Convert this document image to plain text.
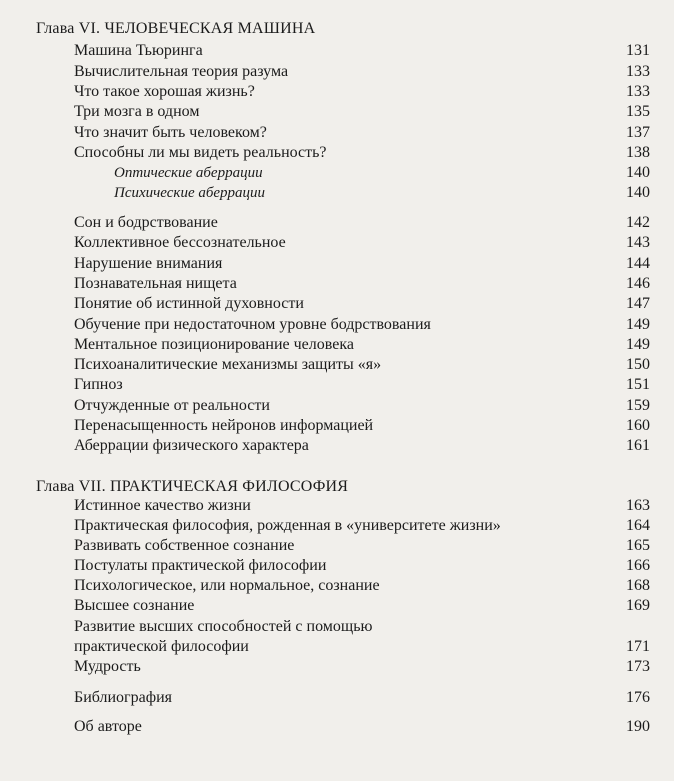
Глава VI. ЧЕЛОВЕЧЕСКАЯ МАШИНА
Машина Тьюринга	131
Вычислительная теория разума	133
Что такое хорошая жизнь?	133
Три мозга в одном	135
Что значит быть человеком?	137
Способны ли мы видеть реальность?	138
Оптические аберрации	140
Психические аберрации	140
Сон и бодрствование	142
Коллективное бессознательное	143
Нарушение внимания	144
Познавательная нищета	146
Понятие об истинной духовности	147
Обучение при недостаточном уровне бодрствования	149
Ментальное позиционирование человека	149
Психоаналитические механизмы защиты «я»	150
Гипноз	151
Отчужденные от реальности	159
Перенасыщенность нейронов информацией	160
Аберрации физического характера	161
Глава VII. ПРАКТИЧЕСКАЯ ФИЛОСОФИЯ
Истинное качество жизни	163
Практическая философия, рожденная в «университете жизни»	164
Развивать собственное сознание	165
Постулаты практической философии	166
Психологическое, или нормальное, сознание	168
Высшее сознание	169
Развитие высших способностей с помощью
практической философии	171
Мудрость	173
Библиография	176
Об авторе	190
